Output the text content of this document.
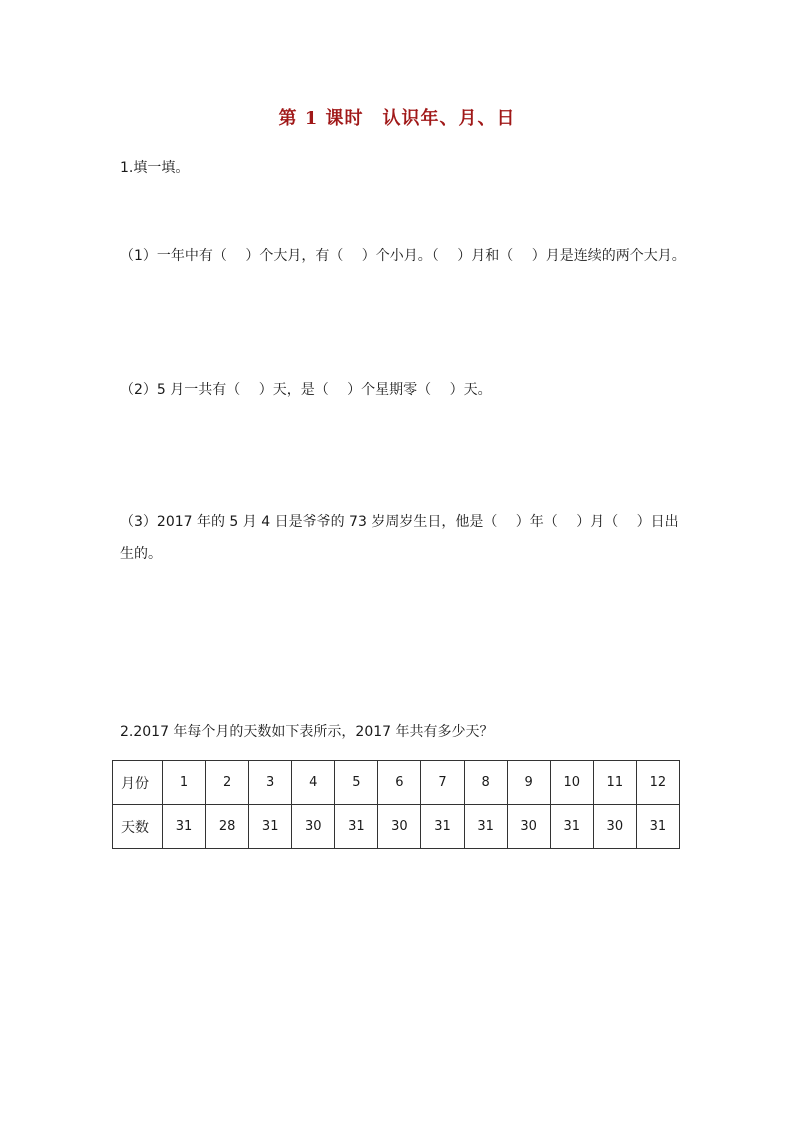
第 1 课时　认识年、月、日
1.填一填。
（1）一年中有（　 ）个大月，有（　 ）个小月。（　 ）月和（　 ）月是连续的两个大月。
（2）5 月一共有（　 ）天，是（　 ）个星期零（　 ）天。
（3）2017 年的 5 月 4 日是爷爷的 73 岁周岁生日，他是（　 ）年（　 ）月（　 ）日出生的。
2.2017 年每个月的天数如下表所示，2017 年共有多少天？
月份	1	2	3	4	5	6	7	8	9	10	11	12
天数	31	28	31	30	31	30	31	31	30	31	30	31
